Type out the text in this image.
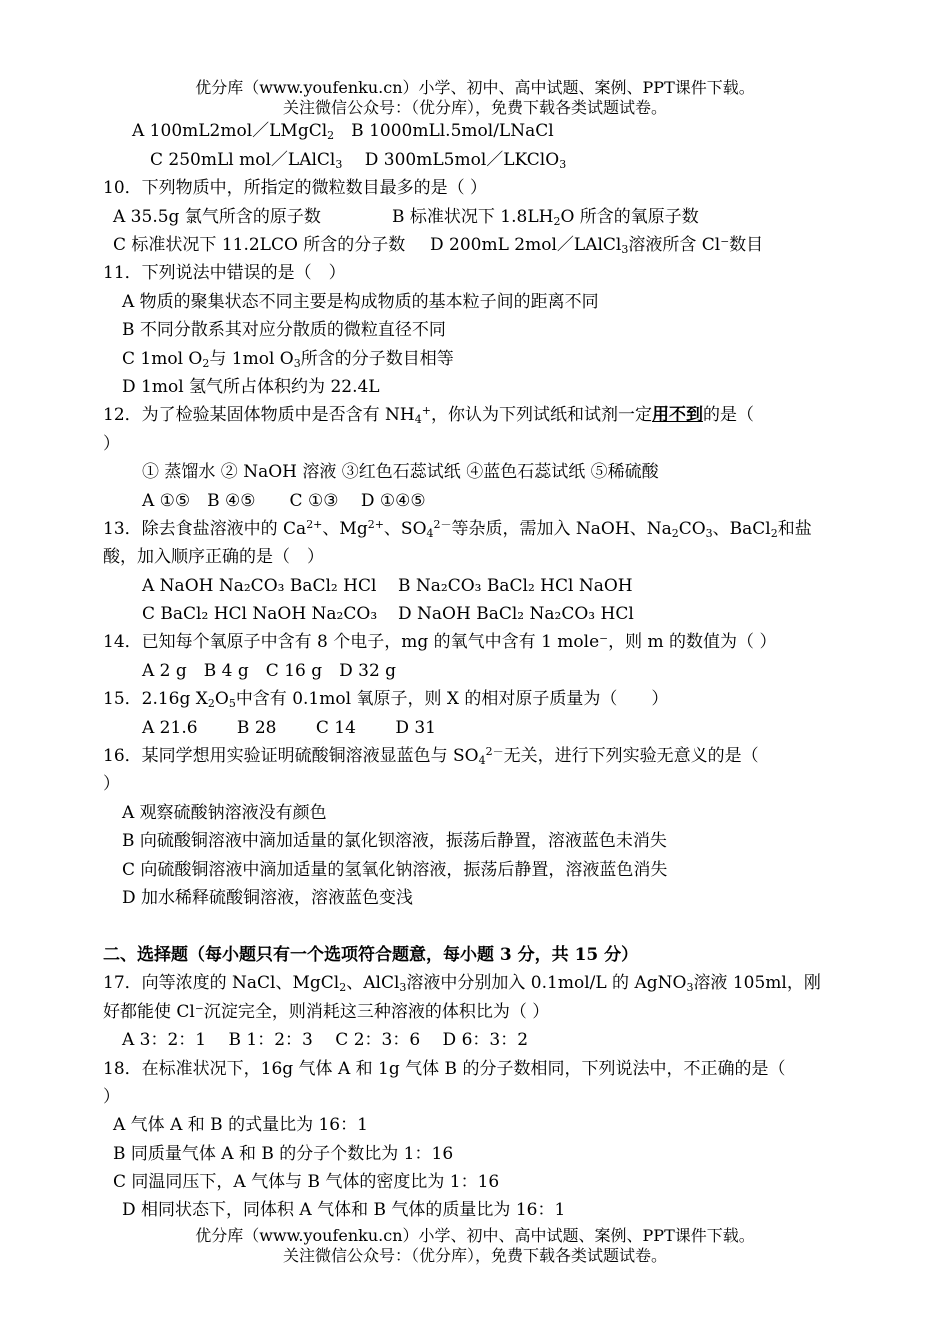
优分库（www.youfenku.cn）小学、初中、高中试题、案例、PPT课件下载。
关注微信公众号：（优分库），免费下载各类试题试卷。
A 100mL2mol／LMgCl$_2$　 B 1000mLl.5mol/LNaCl
C 250mLl mol／LAlCl$_3$　 D 300mL5mol／LKClO$_3$
10．下列物质中，所指定的微粒数目最多的是（ ）
A 35.5g 氯气所含的原子数	B 标准状况下 $1.8LH_2O$ 所含的氧原子数
C 标准状况下 11.2LCO 所含的分子数 D 200mL 2mol／LAlCl$_3$溶液所含 Cl⁻数目
11．下列说法中错误的是（　）
A 物质的聚集状态不同主要是构成物质的基本粒子间的距离不同
B 不同分散系其对应分散质的微粒直径不同
C 1mol $O_2$与 1mol $O_3$所含的分子数目相等
D 1mol 氢气所占体积约为 22.4L
12．为了检验某固体物质中是否含有 $NH_4^+$，你认为下列试纸和试剂一定用不到的是（
）
① 蒸馏水 ② NaOH 溶液 ③红色石蕊试纸 ④蓝色石蕊试纸 ⑤稀硫酸
A ①⑤　B ④⑤　　C ①③　 D ①④⑤
13．除去食盐溶液中的 $Ca^{2+}$、$Mg^{2+}$、$SO_4^{2-}$等杂质，需加入 NaOH、$Na_2CO_3$、BaCl$_2$和盐
酸，加入顺序正确的是（　）
A NaOH Na₂CO₃ BaCl₂ HCl B Na₂CO₃ BaCl₂ HCl NaOH
C BaCl₂ HCl NaOH Na₂CO₃ D NaOH BaCl₂ Na₂CO₃ HCl
14．已知每个氧原子中含有 8 个电子，mg 的氧气中含有 1 mole⁻，则 m 的数值为（ ）
A 2 g　B 4 g　C 16 g　D 32 g
15．2.16g $X_2O_5$中含有 0.1mol 氧原子，则 X 的相对原子质量为（　　）
A 21.6　　 B 28　　 C 14　　 D 31
16．某同学想用实验证明硫酸铜溶液显蓝色与 $SO_4^{2-}$无关，进行下列实验无意义的是（
）
A 观察硫酸钠溶液没有颜色
B 向硫酸铜溶液中滴加适量的氯化钡溶液，振荡后静置，溶液蓝色未消失
C 向硫酸铜溶液中滴加适量的氢氧化钠溶液，振荡后静置，溶液蓝色消失
D 加水稀释硫酸铜溶液，溶液蓝色变浅
二、选择题（每小题只有一个选项符合题意，每小题 3 分，共 15 分）
17．向等浓度的 NaCl、MgCl$_2$、AlCl$_3$溶液中分别加入 0.1mol/L 的 AgNO$_3$溶液 105ml，刚
好都能使 Cl⁻沉淀完全，则消耗这三种溶液的体积比为（ ）
A 3：2：1　 B 1：2：3　 C 2：3：6　 D 6：3：2
18．在标准状况下，16g 气体 A 和 1g 气体 B 的分子数相同，下列说法中，不正确的是（
）
A 气体 A 和 B 的式量比为 16：1
B 同质量气体 A 和 B 的分子个数比为 1：16
C 同温同压下，A 气体与 B 气体的密度比为 1：16
D 相同状态下，同体积 A 气体和 B 气体的质量比为 16：1
优分库（www.youfenku.cn）小学、初中、高中试题、案例、PPT课件下载。
关注微信公众号：（优分库），免费下载各类试题试卷。
